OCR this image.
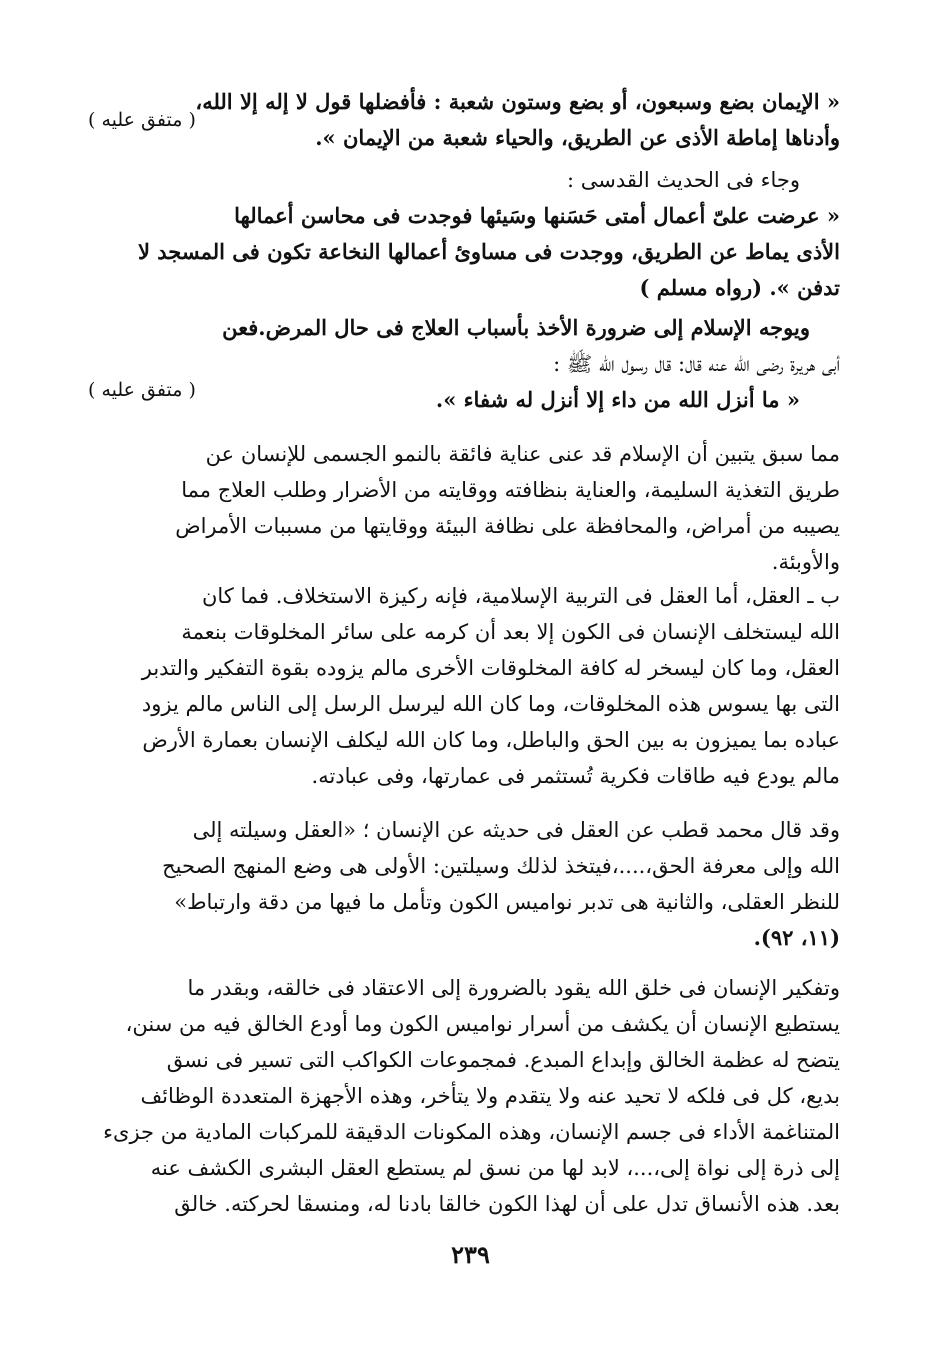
« الإيمان بضع وسبعون، أو بضع وستون شعبة : فأفضلها قول لا إله إلا الله،
وأدناها إماطة الأذى عن الطريق، والحياء شعبة من الإيمان ».
( متفق عليه )
وجاء فى الحديث القدسى :
« عرضت علىّ أعمال أمتى حَسَنها وسَيئها فوجدت فى محاسن أعمالها
الأذى يماط عن الطريق، ووجدت فى مساوئ أعمالها النخاعة تكون فى المسجد لا
تدفن ». (رواه مسلم )
ويوجه الإسلام إلى ضرورة الأخذ بأسباب العلاج فى حال المرض.فعن
أبى هريرة رضى الله عنه قال: قال رسول الله ﷺ :
« ما أنزل الله من داء إلا أنزل له شفاء ».
( متفق عليه )
مما سبق يتبين أن الإسلام قد عنى عناية فائقة بالنمو الجسمى للإنسان عن
طريق التغذية السليمة، والعناية بنظافته ووقايته من الأضرار وطلب العلاج مما
يصيبه من أمراض، والمحافظة على نظافة البيئة ووقايتها من مسببات الأمراض
والأوبئة.
ب ـ العقل، أما العقل فى التربية الإسلامية، فإنه ركيزة الاستخلاف. فما كان
الله ليستخلف الإنسان فى الكون إلا بعد أن كرمه على سائر المخلوقات بنعمة
العقل، وما كان ليسخر له كافة المخلوقات الأخرى مالم يزوده بقوة التفكير والتدبر
التى بها يسوس هذه المخلوقات، وما كان الله ليرسل الرسل إلى الناس مالم يزود
عباده بما يميزون به بين الحق والباطل، وما كان الله ليكلف الإنسان بعمارة الأرض
مالم يودع فيه طاقات فكرية تُستثمر فى عمارتها، وفى عبادته.
وقد قال محمد قطب عن العقل فى حديثه عن الإنسان ؛ «العقل وسيلته إلى
الله وإلى معرفة الحق،....،فيتخذ لذلك وسيلتين: الأولى هى وضع المنهج الصحيح
للنظر العقلى، والثانية هى تدبر نواميس الكون وتأمل ما فيها من دقة وارتباط»
(١١، ٩٢).
وتفكير الإنسان فى خلق الله يقود بالضرورة إلى الاعتقاد فى خالقه، وبقدر ما
يستطيع الإنسان أن يكشف من أسرار نواميس الكون وما أودع الخالق فيه من سنن،
يتضح له عظمة الخالق وإبداع المبدع. فمجموعات الكواكب التى تسير فى نسق
بديع، كل فى فلكه لا تحيد عنه ولا يتقدم ولا يتأخر، وهذه الأجهزة المتعددة الوظائف
المتناغمة الأداء فى جسم الإنسان، وهذه المكونات الدقيقة للمركبات المادية من جزىء
إلى ذرة إلى نواة إلى،...، لابد لها من نسق لم يستطع العقل البشرى الكشف عنه
بعد. هذه الأنساق تدل على أن لهذا الكون خالقا بادنا له، ومنسقا لحركته. خالق
٢٣٩
